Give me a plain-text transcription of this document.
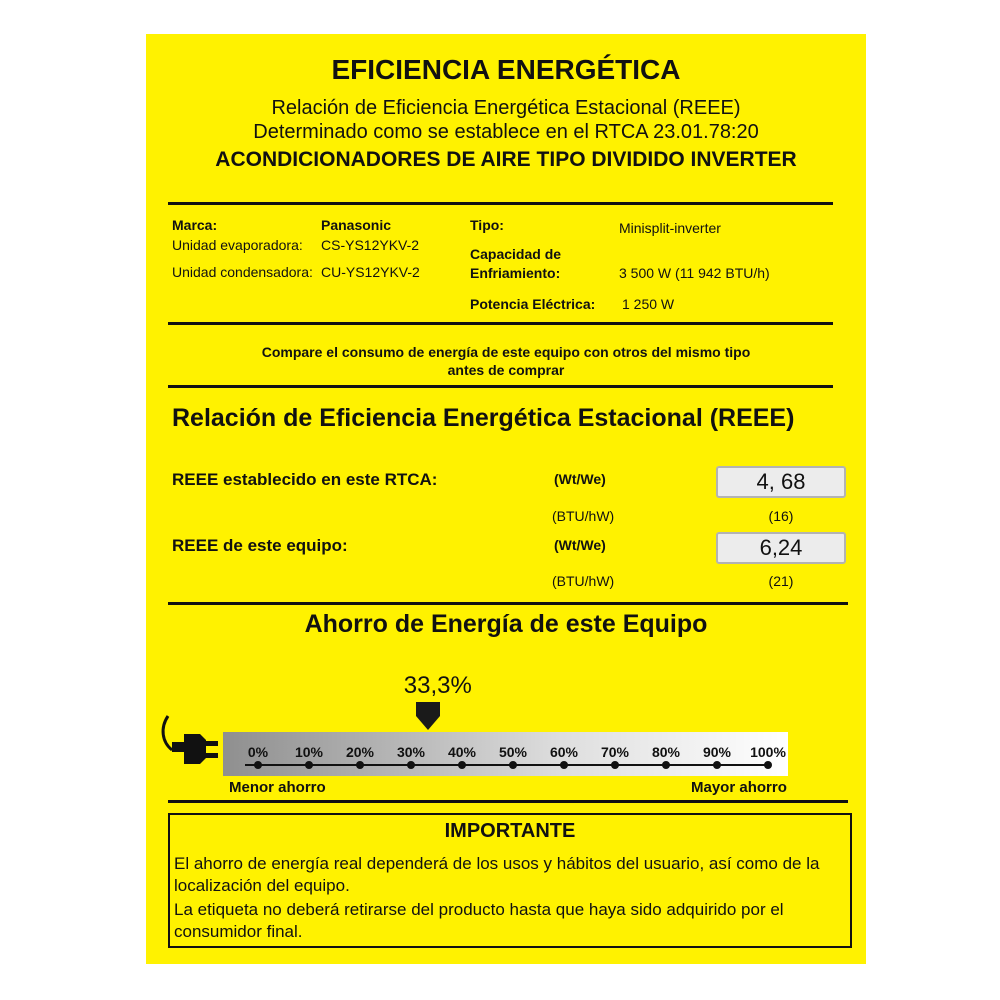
EFICIENCIA ENERGÉTICA
Relación de Eficiencia Energética Estacional (REEE)
Determinado como se establece en el RTCA 23.01.78:20
ACONDICIONADORES DE AIRE TIPO DIVIDIDO INVERTER
Marca:	Panasonic
Unidad evaporadora: CS-YS12YKV-2
Unidad condensadora: CU-YS12YKV-2
Tipo:	Minisplit-inverter
Capacidad de
Enfriamiento:	3 500 W (11 942 BTU/h)
Potencia Eléctrica: 1 250 W
Compare el consumo de energía de este equipo con otros del mismo tipo
antes de comprar
Relación de Eficiencia Energética Estacional (REEE)
REEE establecido en este RTCA:	(Wt/We)	4, 68
(BTU/hW)	(16)
REEE de este equipo:	(Wt/We)	6,24
(BTU/hW)	(21)
Ahorro de Energía de este Equipo
33,3%
0%	10%	20%	30%	40%	50%	60%	70%	80%	90%	100%
Menor ahorro	Mayor ahorro
IMPORTANTE
El ahorro de energía real dependerá de los usos y hábitos del usuario, así como de la localización del equipo.
La etiqueta no deberá retirarse del producto hasta que haya sido adquirido por el consumidor final.
